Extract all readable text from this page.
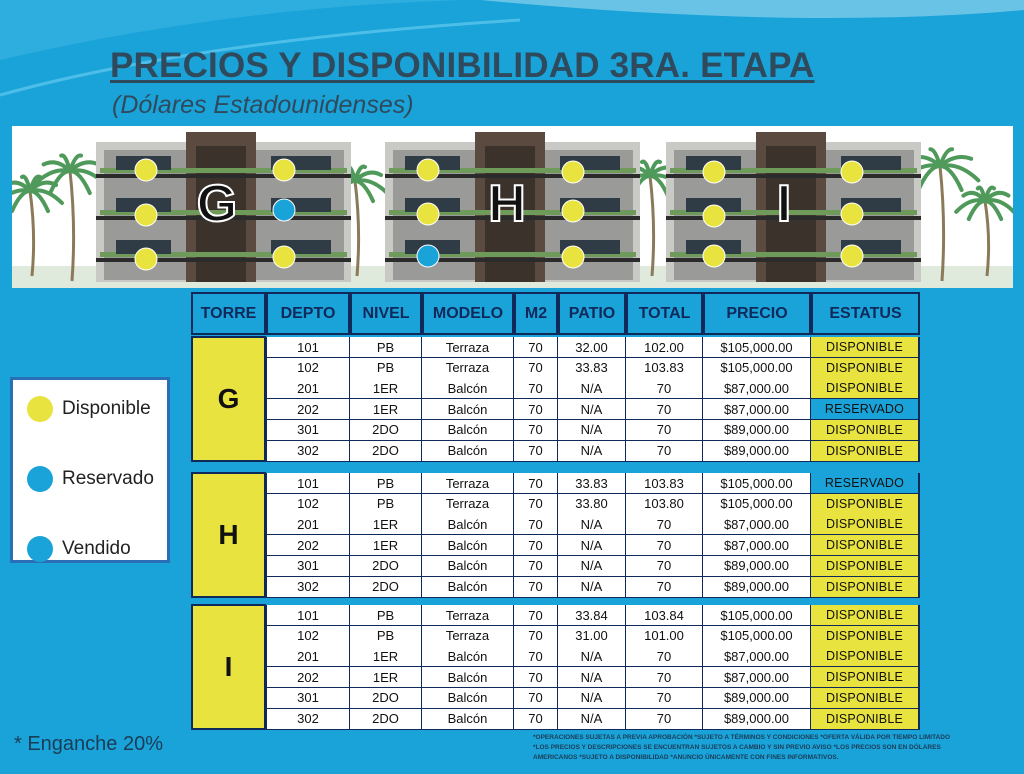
PRECIOS Y DISPONIBILIDAD 3RA. ETAPA
(Dólares Estadounidenses)
G	H	I
Disponible
Reservado
Vendido
TORRE	DEPTO	NIVEL	MODELO	M2	PATIO	TOTAL	PRECIO	ESTATUS
G
101	PB	Terraza	70	32.00	102.00	$105,000.00	DISPONIBLE
102	PB	Terraza	70	33.83	103.83	$105,000.00	DISPONIBLE
201	1ER	Balcón	70	N/A	70	$87,000.00	DISPONIBLE
202	1ER	Balcón	70	N/A	70	$87,000.00	RESERVADO
301	2DO	Balcón	70	N/A	70	$89,000.00	DISPONIBLE
302	2DO	Balcón	70	N/A	70	$89,000.00	DISPONIBLE
H
101	PB	Terraza	70	33.83	103.83	$105,000.00	RESERVADO
102	PB	Terraza	70	33.80	103.80	$105,000.00	DISPONIBLE
201	1ER	Balcón	70	N/A	70	$87,000.00	DISPONIBLE
202	1ER	Balcón	70	N/A	70	$87,000.00	DISPONIBLE
301	2DO	Balcón	70	N/A	70	$89,000.00	DISPONIBLE
302	2DO	Balcón	70	N/A	70	$89,000.00	DISPONIBLE
I
101	PB	Terraza	70	33.84	103.84	$105,000.00	DISPONIBLE
102	PB	Terraza	70	31.00	101.00	$105,000.00	DISPONIBLE
201	1ER	Balcón	70	N/A	70	$87,000.00	DISPONIBLE
202	1ER	Balcón	70	N/A	70	$87,000.00	DISPONIBLE
301	2DO	Balcón	70	N/A	70	$89,000.00	DISPONIBLE
302	2DO	Balcón	70	N/A	70	$89,000.00	DISPONIBLE
* Enganche 20%	*OPERACIONES SUJETAS A PREVIA APROBACIÓN *SUJETO A TÉRMINOS Y CONDICIONES *OFERTA VÁLIDA POR TIEMPO LIMITADO
*LOS PRECIOS Y DESCRIPCIONES SE ENCUENTRAN SUJETOS A CAMBIO Y SIN PREVIO AVISO *LOS PRECIOS SON EN DÓLARES
AMERICANOS *SUJETO A DISPONIBILIDAD *ANUNCIO ÚNICAMENTE CON FINES INFORMATIVOS.
